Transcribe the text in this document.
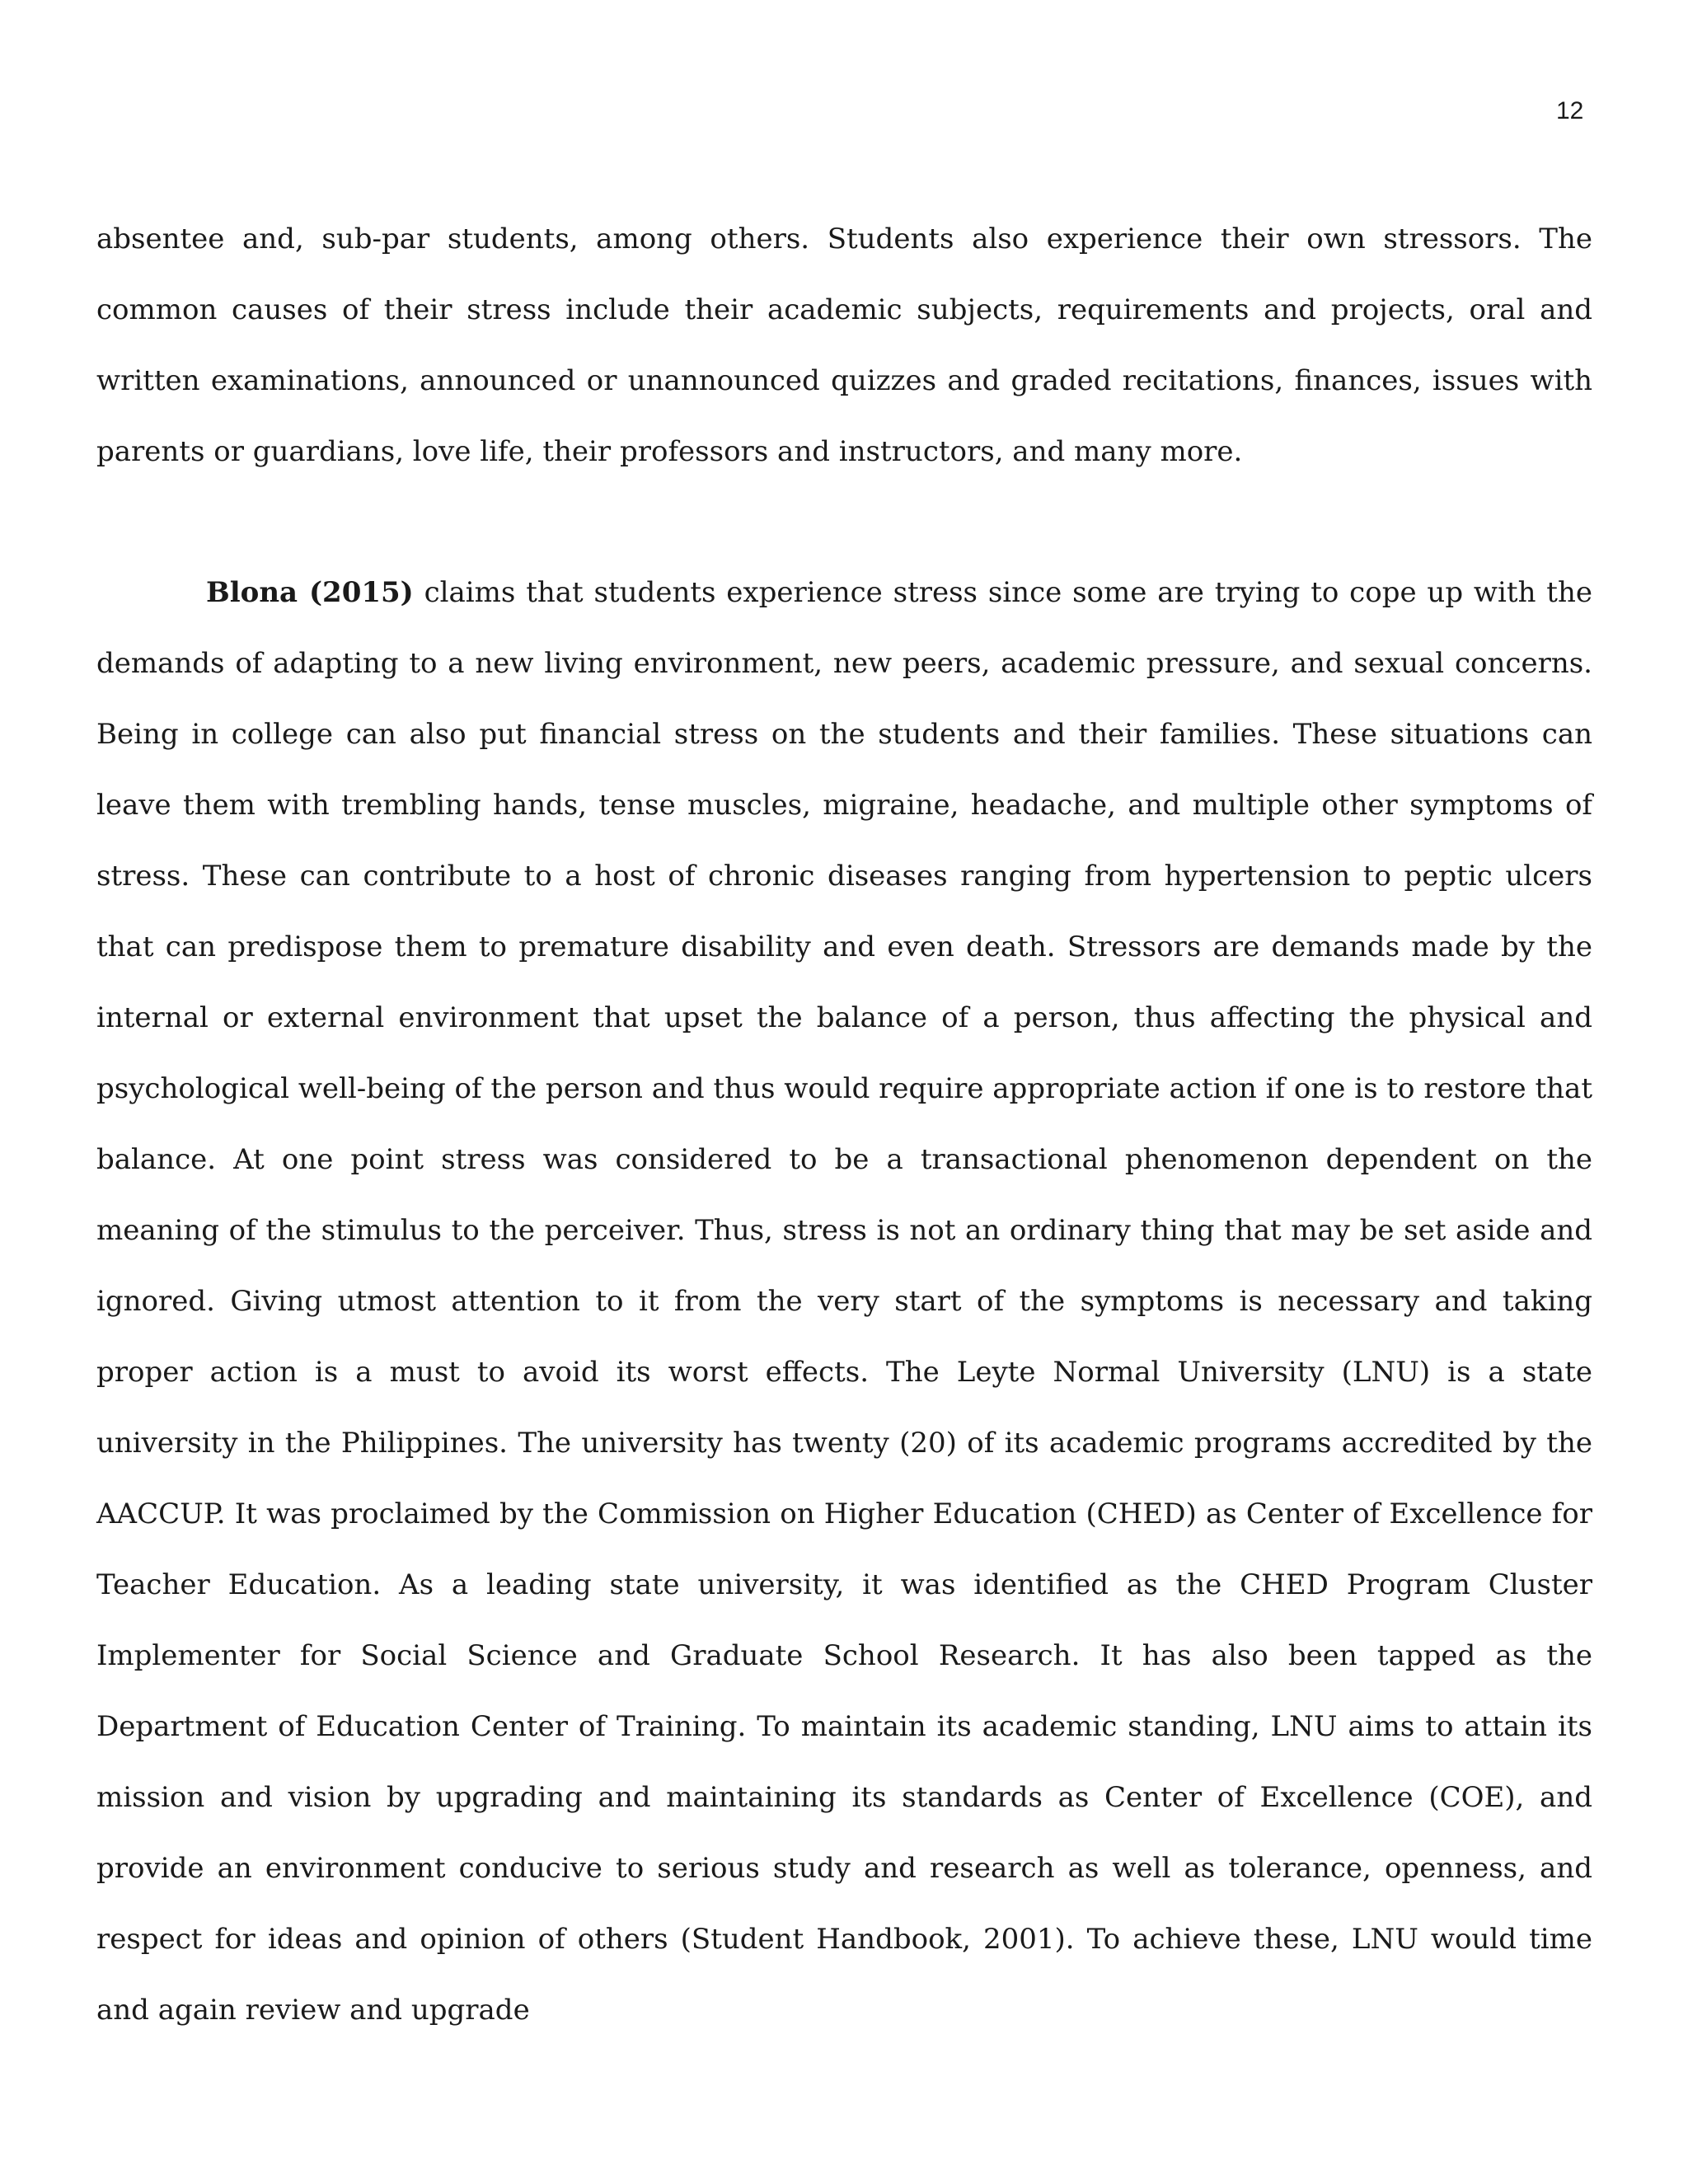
12

absentee and, sub-par students, among others. Students also experience their own stressors. The common causes of their stress include their academic subjects, requirements and projects, oral and written examinations, announced or unannounced quizzes and graded recitations, finances, issues with parents or guardians, love life, their professors and instructors, and many more.

Blona (2015) claims that students experience stress since some are trying to cope up with the demands of adapting to a new living environment, new peers, academic pressure, and sexual concerns. Being in college can also put financial stress on the students and their families. These situations can leave them with trembling hands, tense muscles, migraine, headache, and multiple other symptoms of stress. These can contribute to a host of chronic diseases ranging from hypertension to peptic ulcers that can predispose them to premature disability and even death. Stressors are demands made by the internal or external environment that upset the balance of a person, thus affecting the physical and psychological well-being of the person and thus would require appropriate action if one is to restore that balance. At one point stress was considered to be a transactional phenomenon dependent on the meaning of the stimulus to the perceiver. Thus, stress is not an ordinary thing that may be set aside and ignored. Giving utmost attention to it from the very start of the symptoms is necessary and taking proper action is a must to avoid its worst effects. The Leyte Normal University (LNU) is a state university in the Philippines. The university has twenty (20) of its academic programs accredited by the AACCUP. It was proclaimed by the Commission on Higher Education (CHED) as Center of Excellence for Teacher Education. As a leading state university, it was identified as the CHED Program Cluster Implementer for Social Science and Graduate School Research. It has also been tapped as the Department of Education Center of Training. To maintain its academic standing, LNU aims to attain its mission and vision by upgrading and maintaining its standards as Center of Excellence (COE), and provide an environment conducive to serious study and research as well as tolerance, openness, and respect for ideas and opinion of others (Student Handbook, 2001). To achieve these, LNU would time and again review and upgrade
